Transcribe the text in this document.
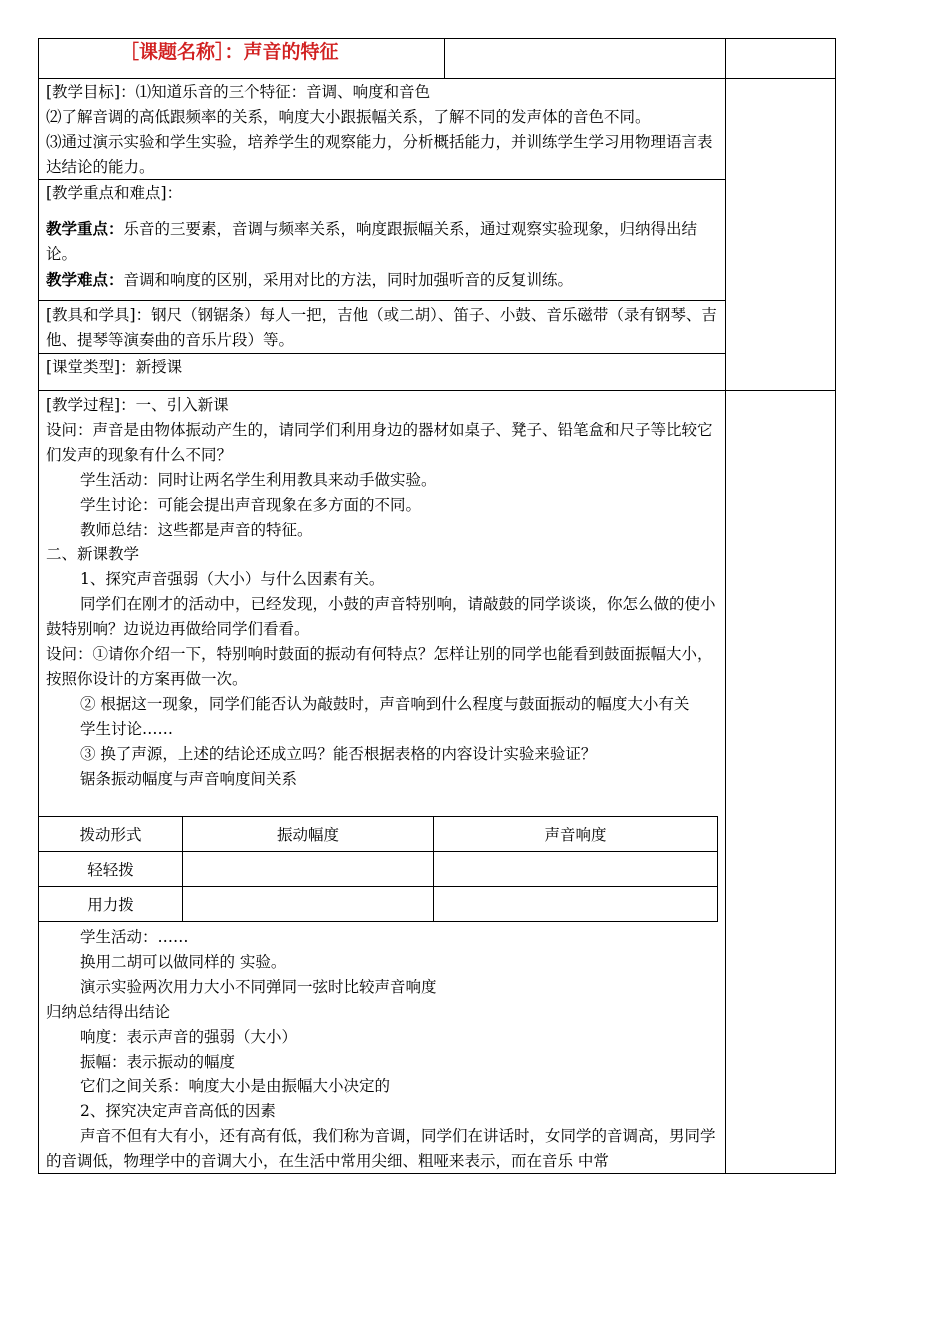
［课题名称］：声音的特征

[教学目标]：⑴知道乐音的三个特征：音调、响度和音色

⑵了解音调的高低跟频率的关系，响度大小跟振幅关系，了解不同的发声体的音色不同。

⑶通过演示实验和学生实验，培养学生的观察能力，分析概括能力，并训练学生学习用物理语言表达结论的能力。

[教学重点和难点]：

教学重点：乐音的三要素，音调与频率关系，响度跟振幅关系，通过观察实验现象，归纳得出结论。

教学难点：音调和响度的区别，采用对比的方法，同时加强听音的反复训练。

[教具和学具]：钢尺（钢锯条）每人一把，吉他（或二胡）、笛子、小鼓、音乐磁带（录有钢琴、吉他、提琴等演奏曲的音乐片段）等。

[课堂类型]：新授课

[教学过程]：一、引入新课

设问：声音是由物体振动产生的，请同学们利用身边的器材如桌子、凳子、铅笔盒和尺子等比较它们发声的现象有什么不同？

学生活动：同时让两名学生利用教具来动手做实验。

学生讨论：可能会提出声音现象在多方面的不同。

教师总结：这些都是声音的特征。

二、新课教学

1、探究声音强弱（大小）与什么因素有关。

同学们在刚才的活动中，已经发现，小鼓的声音特别响，请敲鼓的同学谈谈，你怎么做的使小鼓特别响？边说边再做给同学们看看。

设问：①请你介绍一下，特别响时鼓面的振动有何特点？怎样让别的同学也能看到鼓面振幅大小，按照你设计的方案再做一次。

② 根据这一现象，同学们能否认为敲鼓时，声音响到什么程度与鼓面振动的幅度大小有关

学生讨论……

③ 换了声源，上述的结论还成立吗？能否根据表格的内容设计实验来验证？

锯条振动幅度与声音响度间关系

拨动形式	振动幅度	声音响度
轻轻拨		
用力拨		

学生活动：……

换用二胡可以做同样的 实验。

演示实验两次用力大小不同弹同一弦时比较声音响度

归纳总结得出结论

响度：表示声音的强弱（大小）

振幅：表示振动的幅度

它们之间关系：响度大小是由振幅大小决定的

2、探究决定声音高低的因素

声音不但有大有小，还有高有低，我们称为音调，同学们在讲话时，女同学的音调高，男同学的音调低，物理学中的音调大小，在生活中常用尖细、粗哑来表示，而在音乐 中常
